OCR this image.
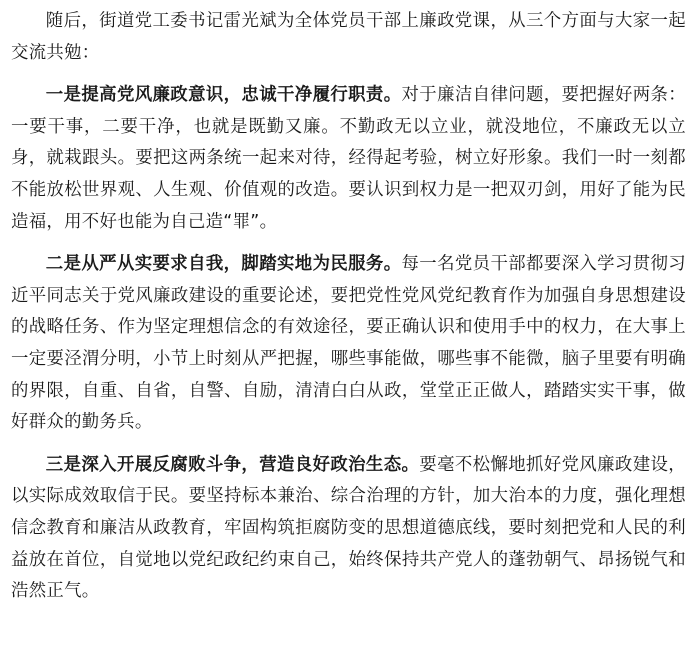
随后，街道党工委书记雷光斌为全体党员干部上廉政党课，从三个方面与大家一起交流共勉：

一是提高党风廉政意识，忠诚干净履行职责。对于廉洁自律问题，要把握好两条：一要干事，二要干净，也就是既勤又廉。不勤政无以立业，就没地位，不廉政无以立身，就栽跟头。要把这两条统一起来对待，经得起考验，树立好形象。我们一时一刻都不能放松世界观、人生观、价值观的改造。要认识到权力是一把双刃剑，用好了能为民造福，用不好也能为自己造“罪”。

二是从严从实要求自我，脚踏实地为民服务。每一名党员干部都要深入学习贯彻习近平同志关于党风廉政建设的重要论述，要把党性党风党纪教育作为加强自身思想建设的战略任务、作为坚定理想信念的有效途径，要正确认识和使用手中的权力，在大事上一定要泾渭分明，小节上时刻从严把握，哪些事能做，哪些事不能微，脑子里要有明确的界限，自重、自省，自警、自励，清清白白从政，堂堂正正做人，踏踏实实干事，做好群众的勤务兵。

三是深入开展反腐败斗争，营造良好政治生态。要毫不松懈地抓好党风廉政建设，以实际成效取信于民。要坚持标本兼治、综合治理的方针，加大治本的力度，强化理想信念教育和廉洁从政教育，牢固构筑拒腐防变的思想道德底线，要时刻把党和人民的利益放在首位，自觉地以党纪政纪约束自己，始终保持共产党人的蓬勃朝气、昂扬锐气和浩然正气。
